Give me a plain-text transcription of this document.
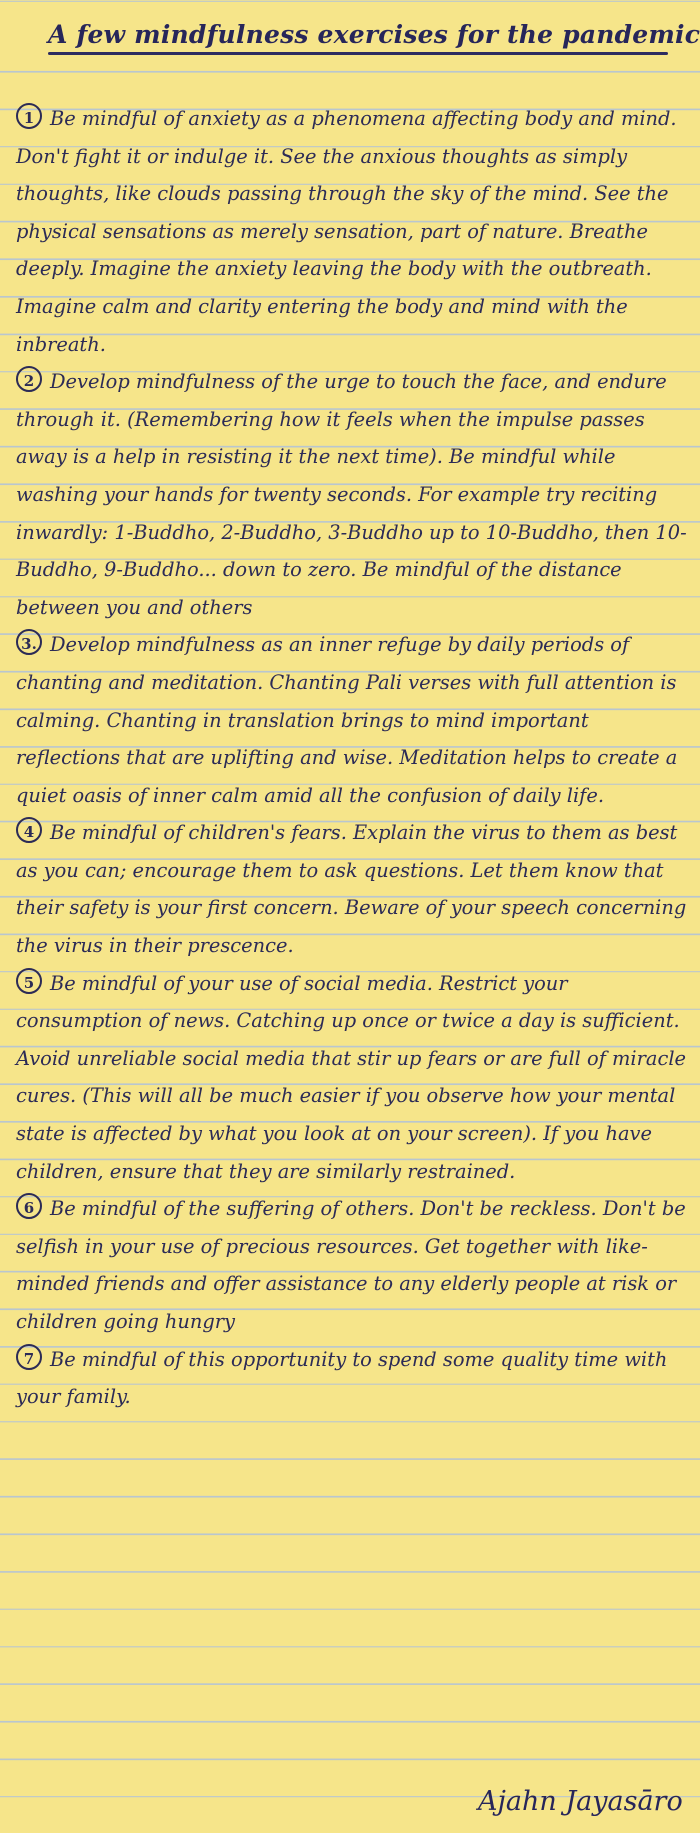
A few mindfulness exercises for the pandemic

1 Be mindful of anxiety as a phenomena affecting body and mind. Don't fight it or indulge it. See the anxious thoughts as simply thoughts, like clouds passing through the sky of the mind. See the physical sensations as merely sensation, part of nature. Breathe deeply. Imagine the anxiety leaving the body with the outbreath. Imagine calm and clarity entering the body and mind with the inbreath.

2 Develop mindfulness of the urge to touch the face, and endure through it. (Remembering how it feels when the impulse passes away is a help in resisting it the next time). Be mindful while washing your hands for twenty seconds. For example try reciting inwardly: 1-Buddho, 2-Buddho, 3-Buddho up to 10-Buddho, then 10-Buddho, 9-Buddho... down to zero. Be mindful of the distance between you and others

3. Develop mindfulness as an inner refuge by daily periods of chanting and meditation. Chanting Pali verses with full attention is calming. Chanting in translation brings to mind important reflections that are uplifting and wise. Meditation helps to create a quiet oasis of inner calm amid all the confusion of daily life.

4 Be mindful of children's fears. Explain the virus to them as best as you can; encourage them to ask questions. Let them know that their safety is your first concern. Beware of your speech concerning the virus in their prescence.

5 Be mindful of your use of social media. Restrict your consumption of news. Catching up once or twice a day is sufficient. Avoid unreliable social media that stir up fears or are full of miracle cures. (This will all be much easier if you observe how your mental state is affected by what you look at on your screen). If you have children, ensure that they are similarly restrained.

6 Be mindful of the suffering of others. Don't be reckless. Don't be selfish in your use of precious resources. Get together with like-minded friends and offer assistance to any elderly people at risk or children going hungry

7 Be mindful of this opportunity to spend some quality time with your family.

Ajahn Jayasāro
